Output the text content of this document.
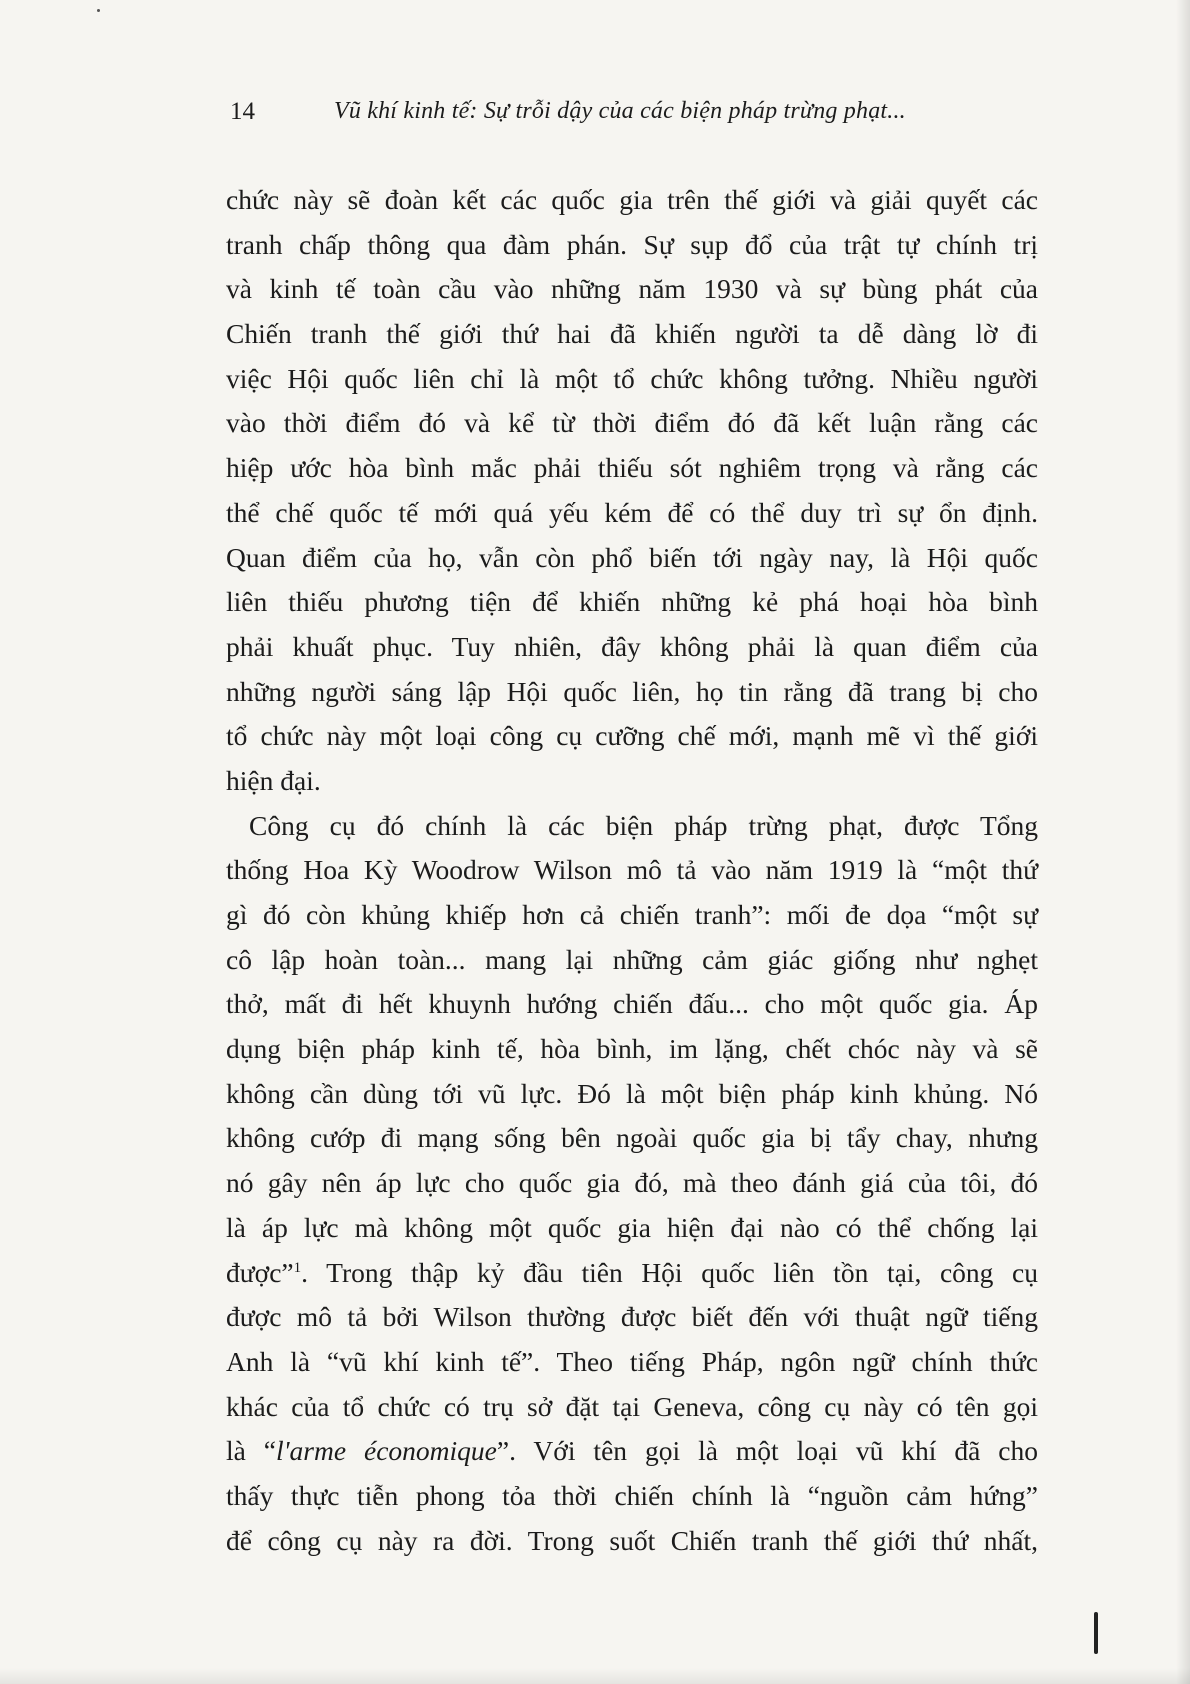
14	Vũ khí kinh tế: Sự trỗi dậy của các biện pháp trừng phạt...
chức này sẽ đoàn kết các quốc gia trên thế giới và giải quyết các
tranh chấp thông qua đàm phán. Sự sụp đổ của trật tự chính trị
và kinh tế toàn cầu vào những năm 1930 và sự bùng phát của
Chiến tranh thế giới thứ hai đã khiến người ta dễ dàng lờ đi
việc Hội quốc liên chỉ là một tổ chức không tưởng. Nhiều người
vào thời điểm đó và kể từ thời điểm đó đã kết luận rằng các
hiệp ước hòa bình mắc phải thiếu sót nghiêm trọng và rằng các
thể chế quốc tế mới quá yếu kém để có thể duy trì sự ổn định.
Quan điểm của họ, vẫn còn phổ biến tới ngày nay, là Hội quốc
liên thiếu phương tiện để khiến những kẻ phá hoại hòa bình
phải khuất phục. Tuy nhiên, đây không phải là quan điểm của
những người sáng lập Hội quốc liên, họ tin rằng đã trang bị cho
tổ chức này một loại công cụ cưỡng chế mới, mạnh mẽ vì thế giới
hiện đại.
Công cụ đó chính là các biện pháp trừng phạt, được Tổng
thống Hoa Kỳ Woodrow Wilson mô tả vào năm 1919 là “một thứ
gì đó còn khủng khiếp hơn cả chiến tranh”: mối đe dọa “một sự
cô lập hoàn toàn... mang lại những cảm giác giống như nghẹt
thở, mất đi hết khuynh hướng chiến đấu... cho một quốc gia. Áp
dụng biện pháp kinh tế, hòa bình, im lặng, chết chóc này và sẽ
không cần dùng tới vũ lực. Đó là một biện pháp kinh khủng. Nó
không cướp đi mạng sống bên ngoài quốc gia bị tẩy chay, nhưng
nó gây nên áp lực cho quốc gia đó, mà theo đánh giá của tôi, đó
là áp lực mà không một quốc gia hiện đại nào có thể chống lại
được”$^1$. Trong thập kỷ đầu tiên Hội quốc liên tồn tại, công cụ
được mô tả bởi Wilson thường được biết đến với thuật ngữ tiếng
Anh là “vũ khí kinh tế”. Theo tiếng Pháp, ngôn ngữ chính thức
khác của tổ chức có trụ sở đặt tại Geneva, công cụ này có tên gọi
là “l'arme économique”. Với tên gọi là một loại vũ khí đã cho
thấy thực tiễn phong tỏa thời chiến chính là “nguồn cảm hứng”
để công cụ này ra đời. Trong suốt Chiến tranh thế giới thứ nhất,
